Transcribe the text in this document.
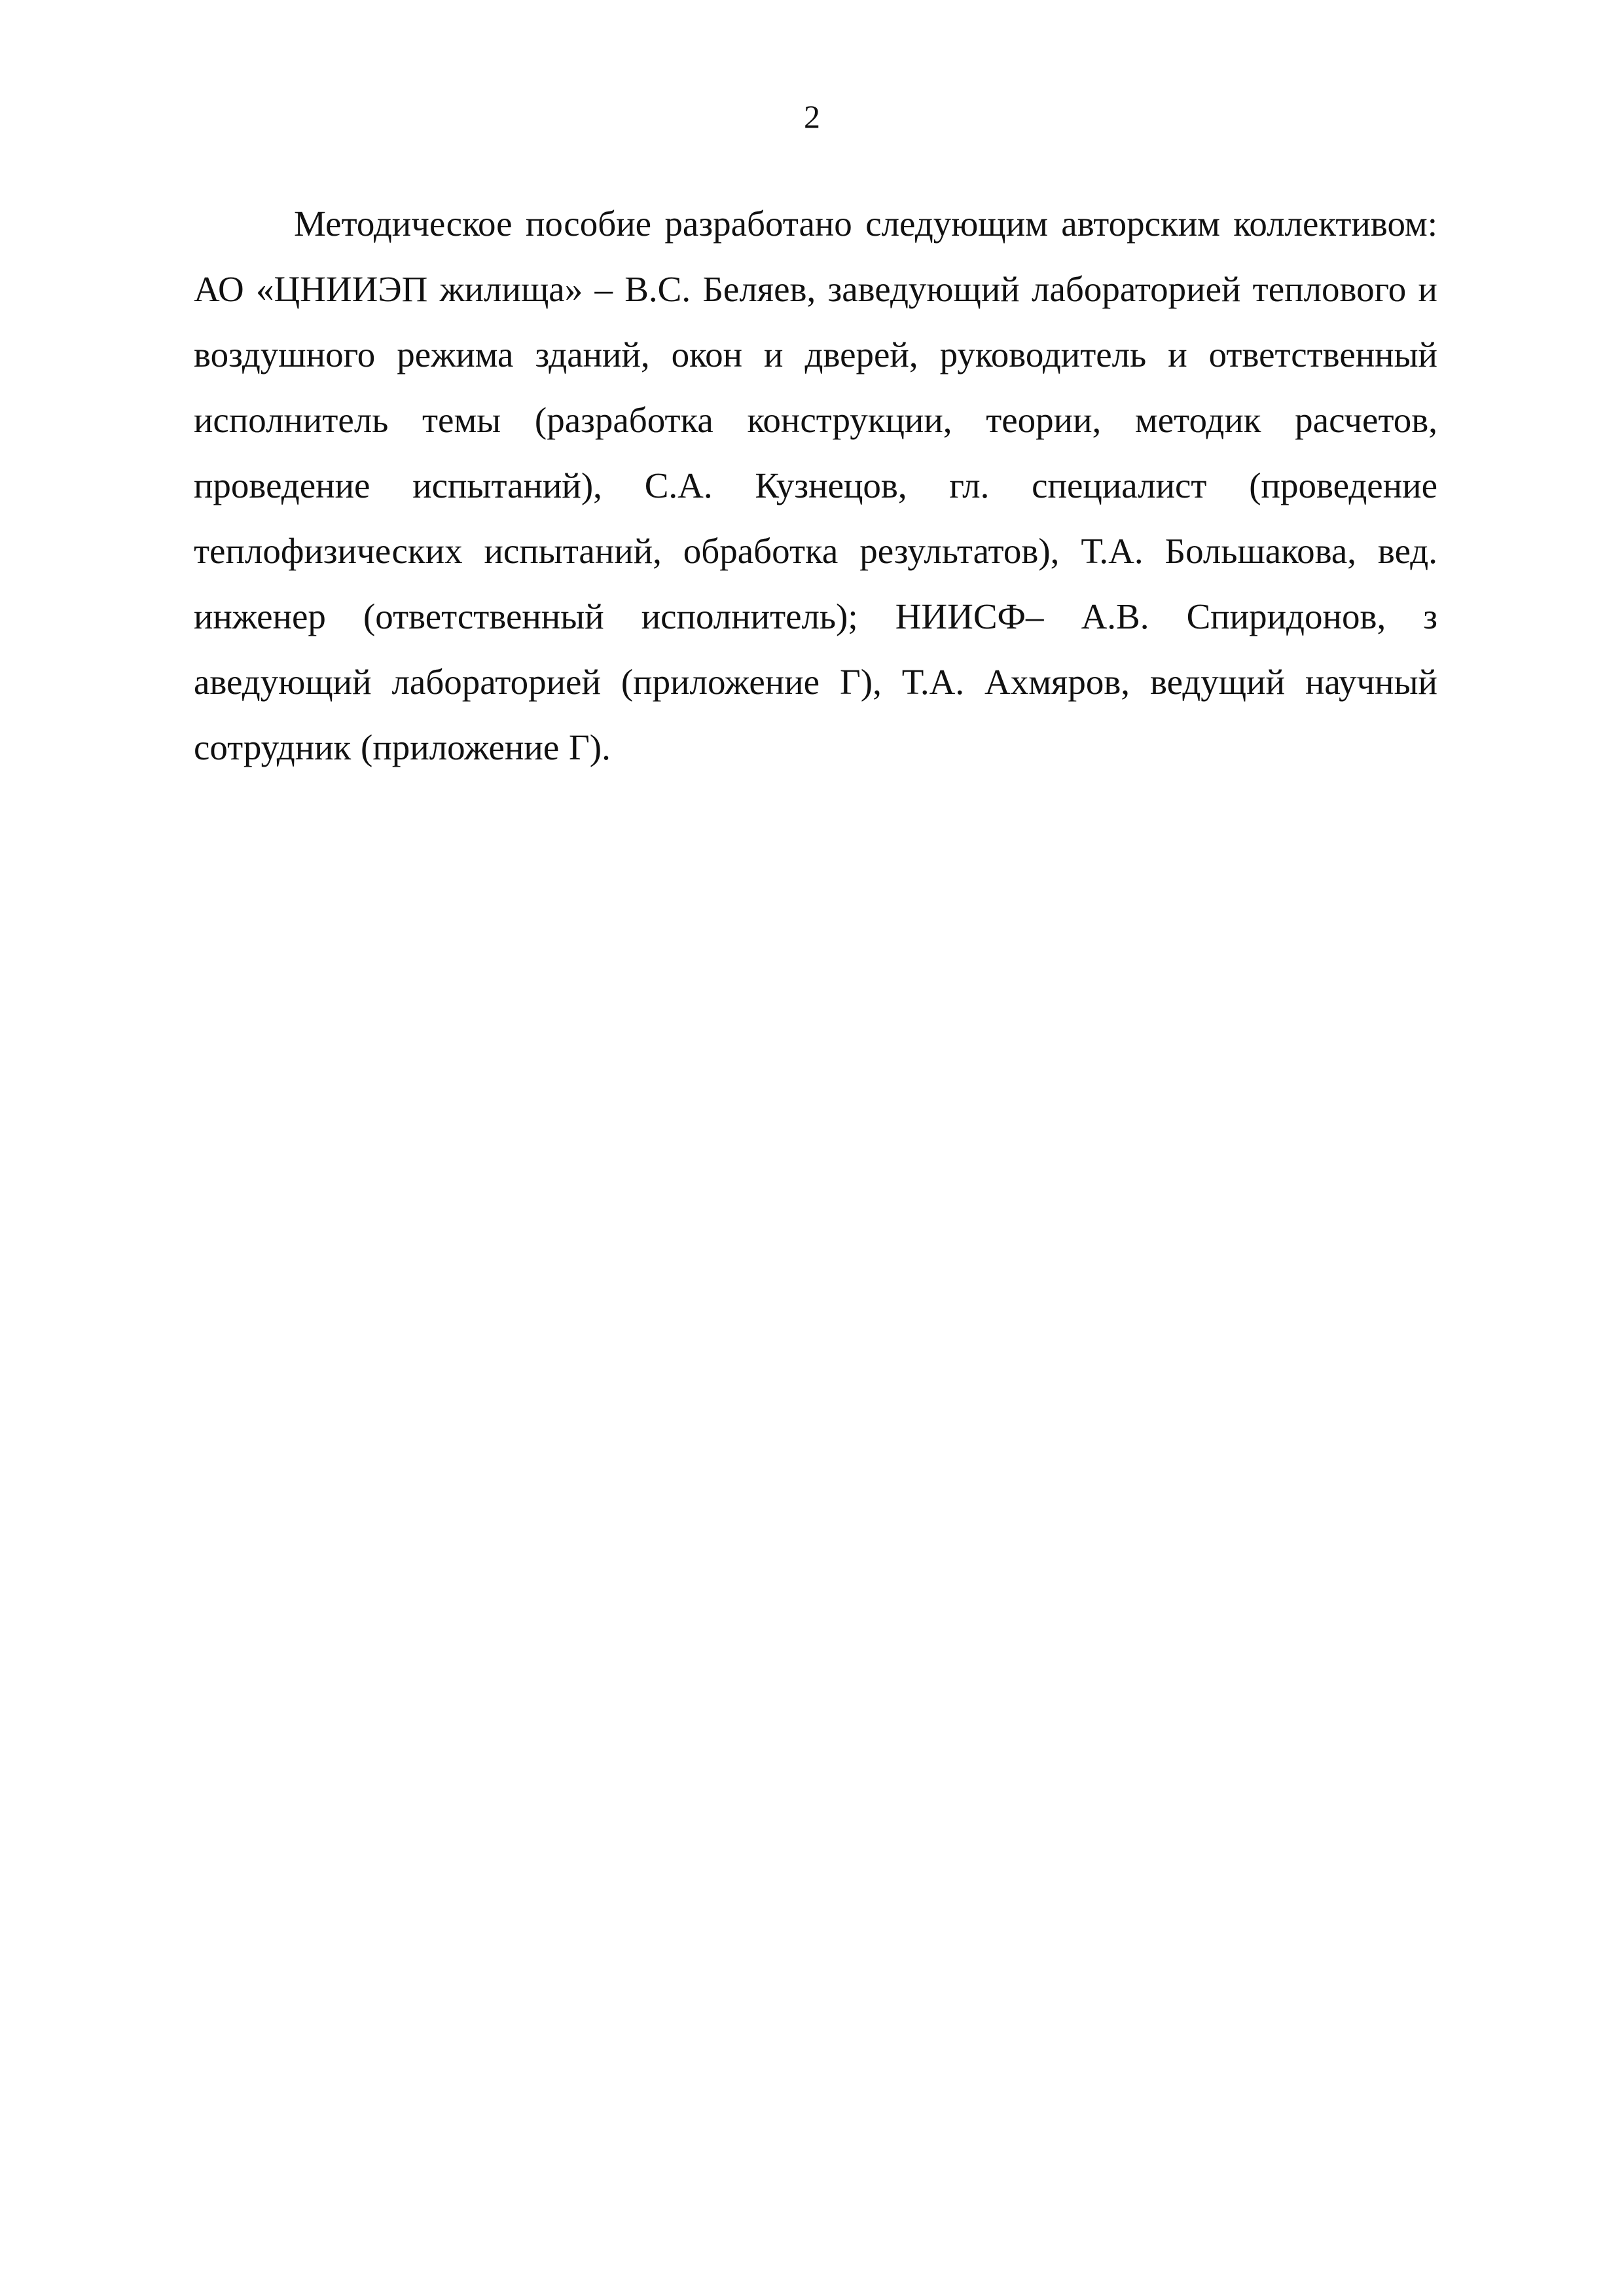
2

Методическое пособие разработано следующим авторским коллективом: АО «ЦНИИЭП жилища» – В.С. Беляев, заведующий лабораторией теплового и воздушного режима зданий, окон и дверей, руководитель и ответственный исполнитель темы (разработка конструкции, теории, методик расчетов, проведение испытаний), С.А. Кузнецов, гл. специалист (проведение теплофизических испытаний, обработка результатов), Т.А. Большакова, вед. инженер (ответственный исполнитель); НИИСФ– А.В. Спиридонов, з аведующий лабораторией (приложение Г), Т.А. Ахмяров, ведущий научный сотрудник (приложение Г).
